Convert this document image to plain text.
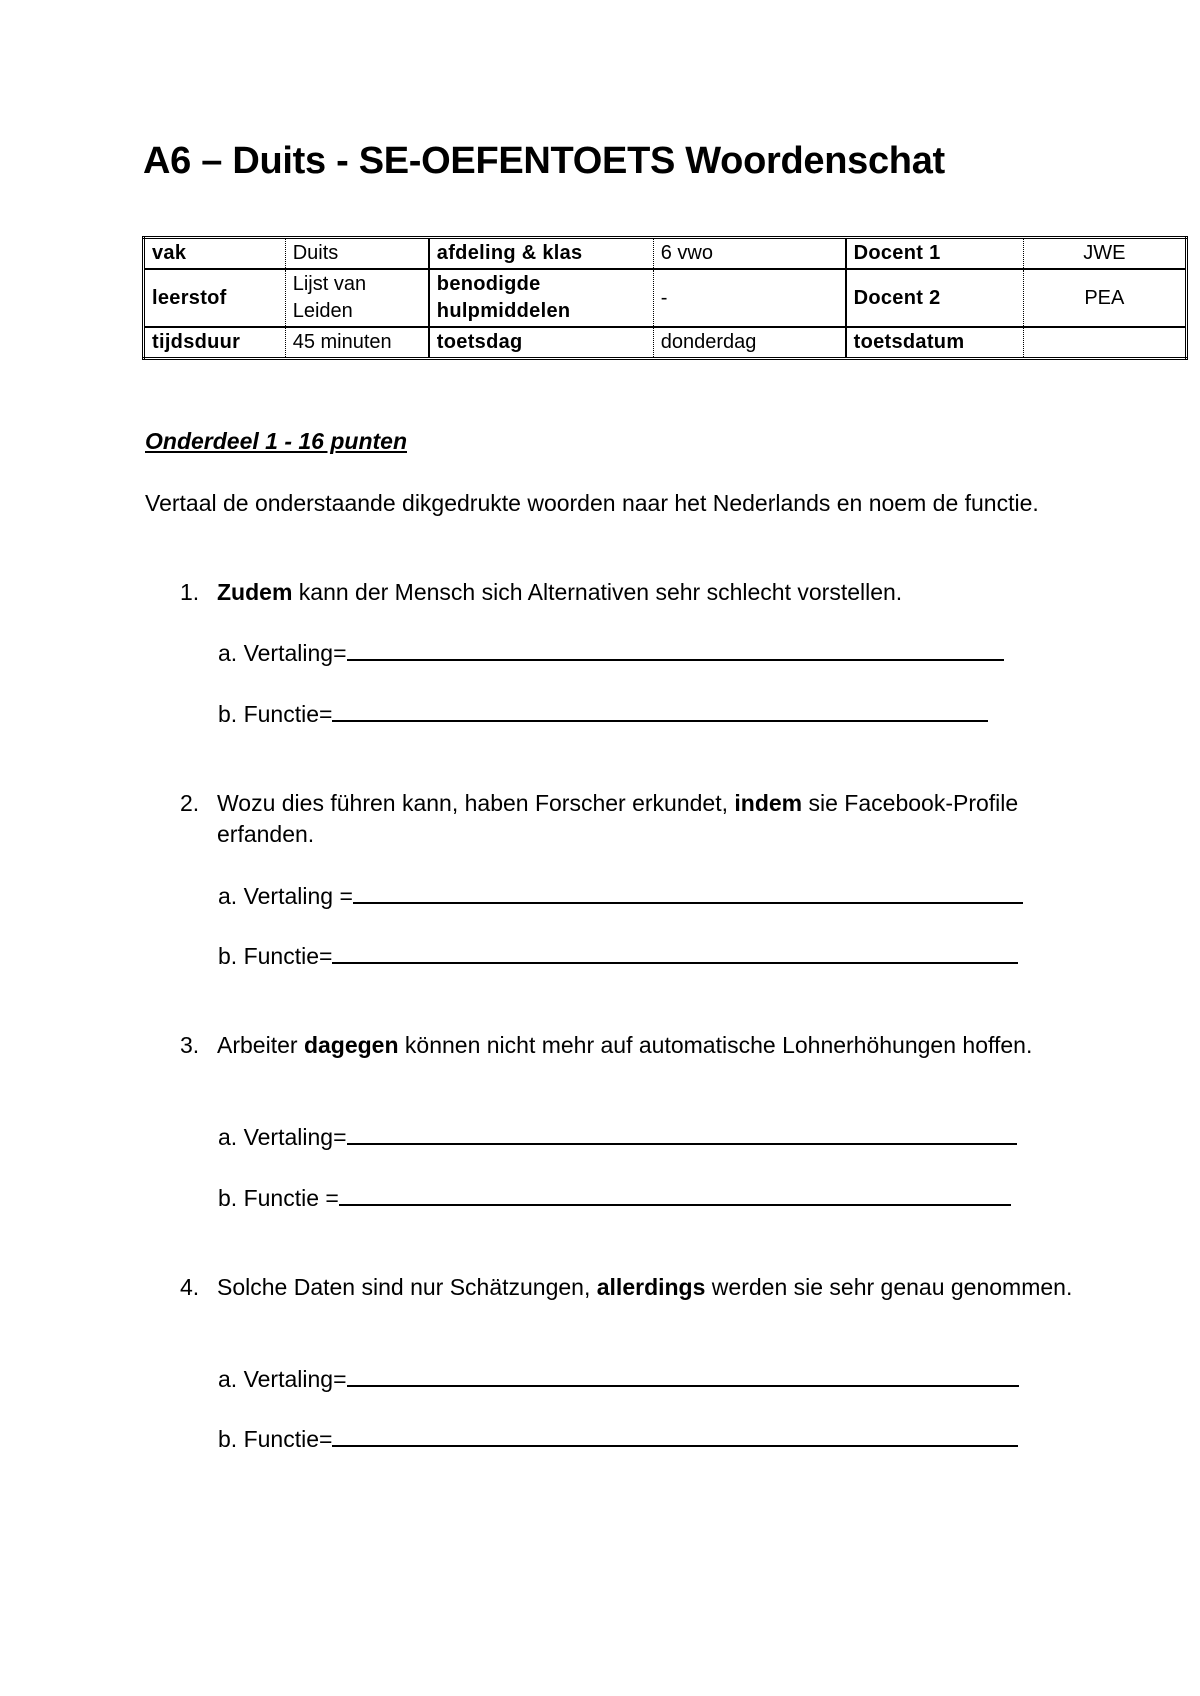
A6 – Duits - SE-OEFENTOETS Woordenschat
vak	Duits	afdeling & klas	6 vwo	Docent 1	JWE
leerstof	Lijst van Leiden	benodigde hulpmiddelen	-	Docent 2	PEA
tijdsduur	45 minuten	toetsdag	donderdag	toetsdatum	

Onderdeel 1 - 16 punten

Vertaal de onderstaande dikgedrukte woorden naar het Nederlands en noem de functie.

1. Zudem kann der Mensch sich Alternativen sehr schlecht vorstellen.
a. Vertaling=
b. Functie=
2. Wozu dies führen kann, haben Forscher erkundet, indem sie Facebook-Profile erfanden.
a. Vertaling =
b. Functie=
3. Arbeiter dagegen können nicht mehr auf automatische Lohnerhöhungen hoffen.
a. Vertaling=
b. Functie =
4. Solche Daten sind nur Schätzungen, allerdings werden sie sehr genau genommen.
a. Vertaling=
b. Functie=
